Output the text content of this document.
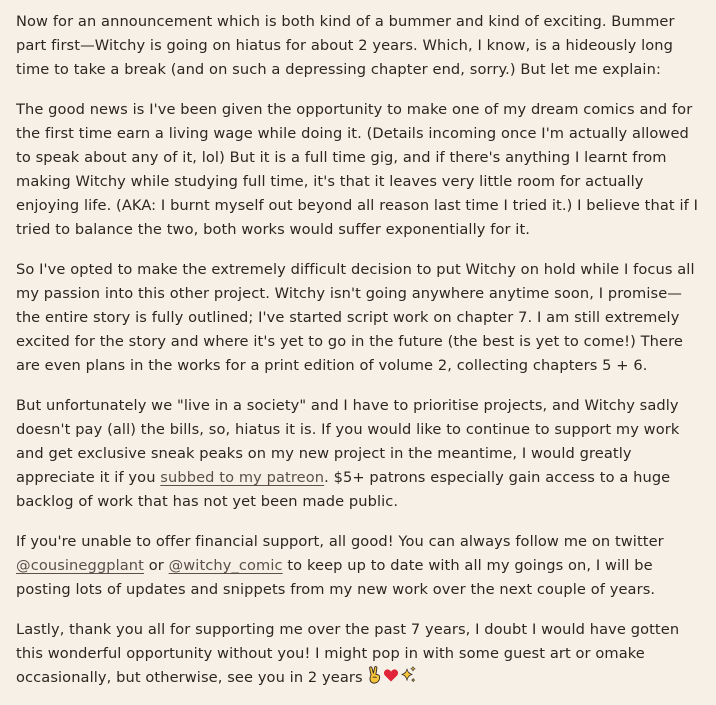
Now for an announcement which is both kind of a bummer and kind of exciting. Bummer part first—Witchy is going on hiatus for about 2 years. Which, I know, is a hideously long time to take a break (and on such a depressing chapter end, sorry.) But let me explain:

The good news is I've been given the opportunity to make one of my dream comics and for the first time earn a living wage while doing it. (Details incoming once I'm actually allowed to speak about any of it, lol) But it is a full time gig, and if there's anything I learnt from making Witchy while studying full time, it's that it leaves very little room for actually enjoying life. (AKA: I burnt myself out beyond all reason last time I tried it.) I believe that if I tried to balance the two, both works would suffer exponentially for it.

So I've opted to make the extremely difficult decision to put Witchy on hold while I focus all my passion into this other project. Witchy isn't going anywhere anytime soon, I promise— the entire story is fully outlined; I've started script work on chapter 7. I am still extremely excited for the story and where it's yet to go in the future (the best is yet to come!) There are even plans in the works for a print edition of volume 2, collecting chapters 5 + 6.

But unfortunately we "live in a society" and I have to prioritise projects, and Witchy sadly doesn't pay (all) the bills, so, hiatus it is. If you would like to continue to support my work and get exclusive sneak peaks on my new project in the meantime, I would greatly appreciate it if you subbed to my patreon. $5+ patrons especially gain access to a huge backlog of work that has not yet been made public.

If you're unable to offer financial support, all good! You can always follow me on twitter @cousineggplant or @witchy_comic to keep up to date with all my goings on, I will be posting lots of updates and snippets from my new work over the next couple of years.

Lastly, thank you all for supporting me over the past 7 years, I doubt I would have gotten this wonderful opportunity without you! I might pop in with some guest art or omake occasionally, but otherwise, see you in 2 years
